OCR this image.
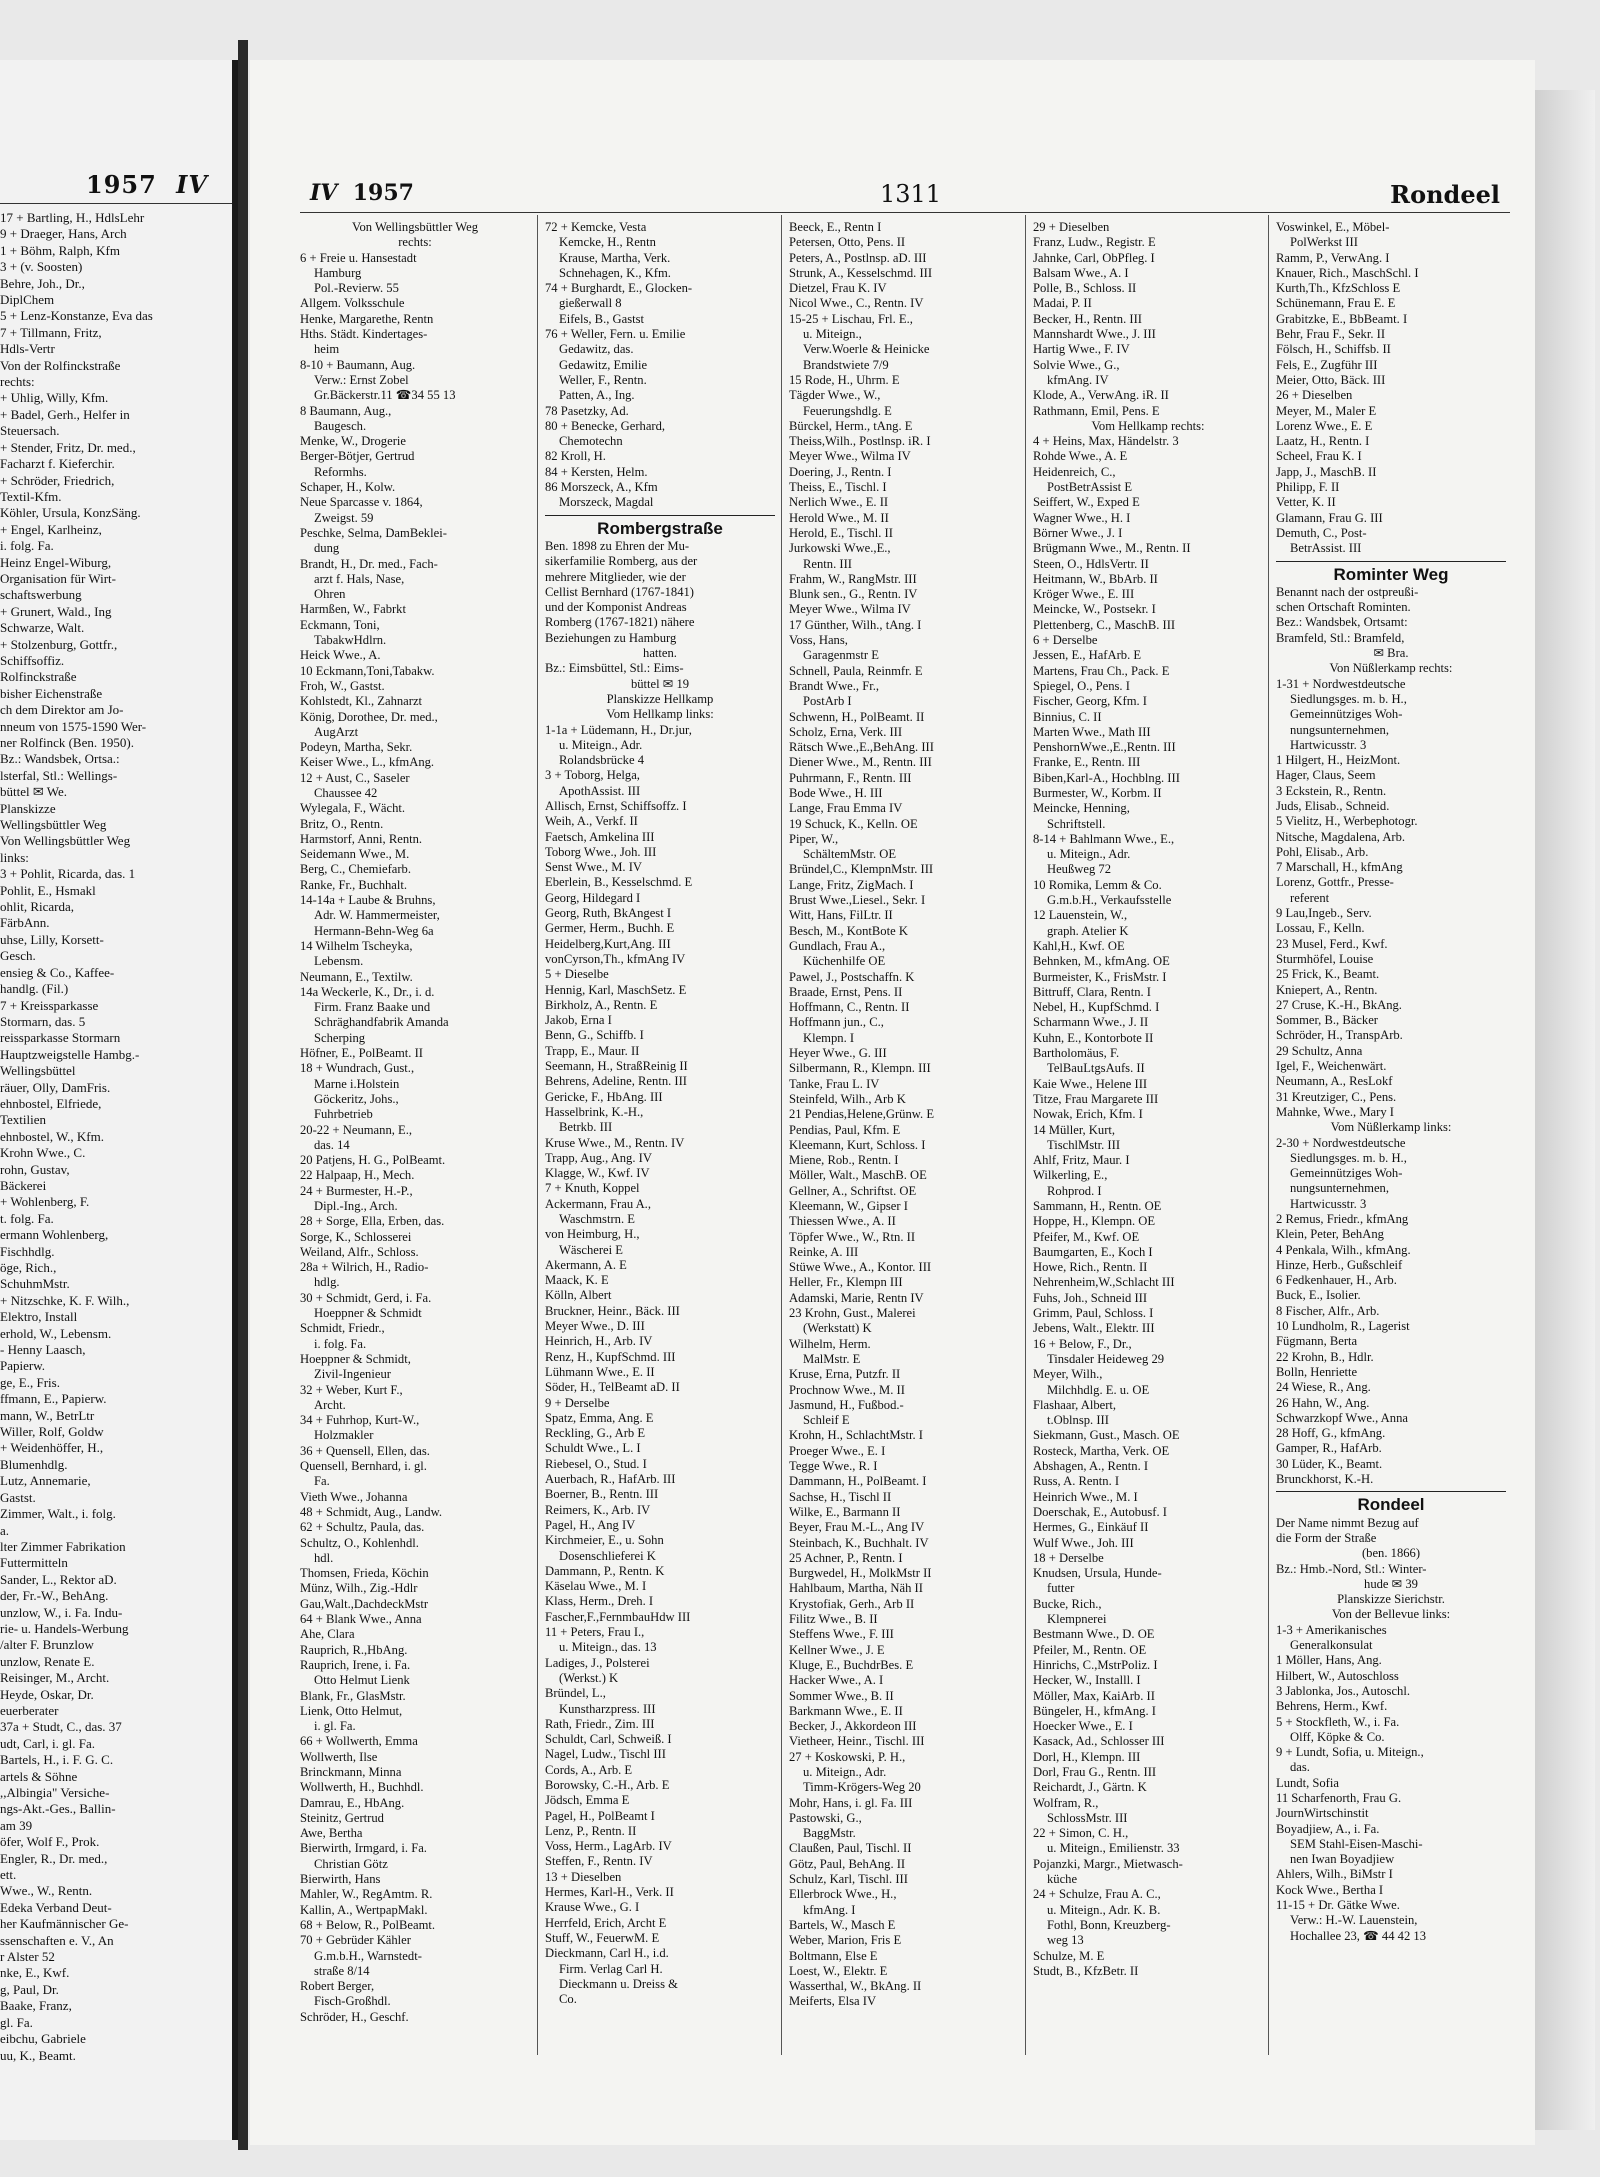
1957 IV
17 + Bartling, H., HdlsLehr
9 + Draeger, Hans, Arch
1 + Böhm, Ralph, Kfm
3 + (v. Soosten)
Behre, Joh., Dr.,
DiplChem
5 + Lenz-Konstanze, Eva das
7 + Tillmann, Fritz,
Hdls-Vertr
Von der Rolfinckstraße
rechts:
+ Uhlig, Willy, Kfm.
+ Badel, Gerh., Helfer in
Steuersach.
+ Stender, Fritz, Dr. med.,
Facharzt f. Kieferchir.
+ Schröder, Friedrich,
Textil-Kfm.
Köhler, Ursula, KonzSäng.
+ Engel, Karlheinz,
i. folg. Fa.
Heinz Engel-Wiburg,
Organisation für Wirt-
schaftswerbung
+ Grunert, Wald., Ing
Schwarze, Walt.
+ Stolzenburg, Gottfr.,
Schiffsoffiz.
Rolfinckstraße
bisher Eichenstraße
ch dem Direktor am Jo-
nneum von 1575-1590 Wer-
ner Rolfinck (Ben. 1950).
Bz.: Wandsbek, Ortsa.:
lsterfal, Stl.: Wellings-
büttel ✉ We.
Planskizze
Wellingsbüttler Weg
Von Wellingsbüttler Weg
links:
3 + Pohlit, Ricarda, das. 1
Pohlit, E., Hsmakl
ohlit, Ricarda,
FärbAnn.
uhse, Lilly, Korsett-
Gesch.
ensieg & Co., Kaffee-
handlg. (Fil.)
7 + Kreissparkasse
Stormarn, das. 5
reissparkasse Stormarn
Hauptzweigstelle Hambg.-
Wellingsbüttel
räuer, Olly, DamFris.
ehnbostel, Elfriede,
Textilien
ehnbostel, W., Kfm.
Krohn Wwe., C.
rohn, Gustav,
Bäckerei
+ Wohlenberg, F.
t. folg. Fa.
ermann Wohlenberg,
Fischhdlg.
öge, Rich.,
SchuhmMstr.
+ Nitzschke, K. F. Wilh.,
Elektro, Install
erhold, W., Lebensm.
- Henny Laasch,
Papierw.
ge, E., Fris.
ffmann, E., Papierw.
mann, W., BetrLtr
Willer, Rolf, Goldw
+ Weidenhöffer, H.,
Blumenhdlg.
Lutz, Annemarie,
Gastst.
Zimmer, Walt., i. folg.
a.
lter Zimmer Fabrikation
Futtermitteln
Sander, L., Rektor aD.
der, Fr.-W., BehAng.
unzlow, W., i. Fa. Indu-
rie- u. Handels-Werbung
/alter F. Brunzlow
unzlow, Renate E.
Reisinger, M., Archt.
Heyde, Oskar, Dr.
euerberater
37a + Studt, C., das. 37
udt, Carl, i. gl. Fa.
Bartels, H., i. F. G. C.
artels & Söhne
,,Albingia" Versiche-
ngs-Akt.-Ges., Ballin-
am 39
öfer, Wolf F., Prok.
Engler, R., Dr. med.,
ett.
Wwe., W., Rentn.
Edeka Verband Deut-
her Kaufmännischer Ge-
ssenschaften e. V., An
r Alster 52
nke, E., Kwf.
g, Paul, Dr.
Baake, Franz,
gl. Fa.
eibchu, Gabriele
uu, K., Beamt.
IV 1957	1311	Rondeel
Von Wellingsbüttler Weg
rechts:
6 + Freie u. Hansestadt
Hamburg
Pol.-Revierw. 55
Allgem. Volksschule
Henke, Margarethe, Rentn
Hths. Städt. Kindertages-
heim
8-10 + Baumann, Aug.
Verw.: Ernst Zobel
Gr.Bäckerstr.11 ☎34 55 13
8 Baumann, Aug.,
Baugesch.
Menke, W., Drogerie
Berger-Bötjer, Gertrud
Reformhs.
Schaper, H., Kolw.
Neue Sparcasse v. 1864,
Zweigst. 59
Peschke, Selma, DamBeklei-
dung
Brandt, H., Dr. med., Fach-
arzt f. Hals, Nase,
Ohren
Harmßen, W., Fabrkt
Eckmann, Toni,
TabakwHdlrn.
Heick Wwe., A.
10 Eckmann,Toni,Tabakw.
Froh, W., Gastst.
Kohlstedt, Kl., Zahnarzt
König, Dorothee, Dr. med.,
AugArzt
Podeyn, Martha, Sekr.
Keiser Wwe., L., kfmAng.
12 + Aust, C., Saseler
Chaussee 42
Wylegala, F., Wächt.
Britz, O., Rentn.
Harmstorf, Anni, Rentn.
Seidemann Wwe., M.
Berg, C., Chemiefarb.
Ranke, Fr., Buchhalt.
14-14a + Laube & Bruhns,
Adr. W. Hammermeister,
Hermann-Behn-Weg 6a
14 Wilhelm Tscheyka,
Lebensm.
Neumann, E., Textilw.
14a Weckerle, K., Dr., i. d.
Firm. Franz Baake und
Schräghandfabrik Amanda
Scherping
Höfner, E., PolBeamt. II
18 + Wundrach, Gust.,
Marne i.Holstein
Göckeritz, Johs.,
Fuhrbetrieb
20-22 + Neumann, E.,
das. 14
20 Patjens, H. G., PolBeamt.
22 Halpaap, H., Mech.
24 + Burmester, H.-P.,
Dipl.-Ing., Arch.
28 + Sorge, Ella, Erben, das.
Sorge, K., Schlosserei
Weiland, Alfr., Schloss.
28a + Wilrich, H., Radio-
hdlg.
30 + Schmidt, Gerd, i. Fa.
Hoeppner & Schmidt
Schmidt, Friedr.,
i. folg. Fa.
Hoeppner & Schmidt,
Zivil-Ingenieur
32 + Weber, Kurt F.,
Archt.
34 + Fuhrhop, Kurt-W.,
Holzmakler
36 + Quensell, Ellen, das.
Quensell, Bernhard, i. gl.
Fa.
Vieth Wwe., Johanna
48 + Schmidt, Aug., Landw.
62 + Schultz, Paula, das.
Schultz, O., Kohlenhdl.
hdl.
Thomsen, Frieda, Köchin
Münz, Wilh., Zig.-Hdlr
Gau,Walt.,DachdeckMstr
64 + Blank Wwe., Anna
Ahe, Clara
Rauprich, R.,HbAng.
Rauprich, Irene, i. Fa.
Otto Helmut Lienk
Blank, Fr., GlasMstr.
Lienk, Otto Helmut,
i. gl. Fa.
66 + Wollwerth, Emma
Wollwerth, Ilse
Brinckmann, Minna
Wollwerth, H., Buchhdl.
Damrau, E., HbAng.
Steinitz, Gertrud
Awe, Bertha
Bierwirth, Irmgard, i. Fa.
Christian Götz
Bierwirth, Hans
Mahler, W., RegAmtm. R.
Kallin, A., WertpapMakl.
68 + Below, R., PolBeamt.
70 + Gebrüder Kähler
G.m.b.H., Warnstedt-
straße 8/14
Robert Berger,
Fisch-Großhdl.
Schröder, H., Geschf.
72 + Kemcke, Vesta
Kemcke, H., Rentn
Krause, Martha, Verk.
Schnehagen, K., Kfm.
74 + Burghardt, E., Glocken-
gießerwall 8
Eifels, B., Gastst
76 + Weller, Fern. u. Emilie
Gedawitz, das.
Gedawitz, Emilie
Weller, F., Rentn.
Patten, A., Ing.
78 Pasetzky, Ad.
80 + Benecke, Gerhard,
Chemotechn
82 Kroll, H.
84 + Kersten, Helm.
86 Morszeck, A., Kfm
Morszeck, Magdal
Rombergstraße
Ben. 1898 zu Ehren der Mu-
sikerfamilie Romberg, aus der
mehrere Mitglieder, wie der
Cellist Bernhard (1767-1841)
und der Komponist Andreas
Romberg (1767-1821) nähere
Beziehungen zu Hamburg
hatten.
Bz.: Eimsbüttel, Stl.: Eims-
büttel ✉ 19
Planskizze Hellkamp
Vom Hellkamp links:
1-1a + Lüdemann, H., Dr.jur,
u. Miteign., Adr.
Rolandsbrücke 4
3 + Toborg, Helga,
ApothAssist. III
Allisch, Ernst, Schiffsoffz. I
Weih, A., Verkf. II
Faetsch, Amkelina III
Toborg Wwe., Joh. III
Senst Wwe., M. IV
Eberlein, B., Kesselschmd. E
Georg, Hildegard I
Georg, Ruth, BkAngest I
Germer, Herm., Buchh. E
Heidelberg,Kurt,Ang. III
vonCyrson,Th., kfmAng IV
5 + Dieselbe
Hennig, Karl, MaschSetz. E
Birkholz, A., Rentn. E
Jakob, Erna I
Benn, G., Schiffb. I
Trapp, E., Maur. II
Seemann, H., StraßReinig II
Behrens, Adeline, Rentn. III
Gericke, F., HbAng. III
Hasselbrink, K.-H.,
Betrkb. III
Kruse Wwe., M., Rentn. IV
Trapp, Aug., Ang. IV
Klagge, W., Kwf. IV
7 + Knuth, Koppel
Ackermann, Frau A.,
Waschmstrn. E
von Heimburg, H.,
Wäscherei E
Akermann, A. E
Maack, K. E
Kölln, Albert
Bruckner, Heinr., Bäck. III
Meyer Wwe., D. III
Heinrich, H., Arb. IV
Renz, H., KupfSchmd. III
Lühmann Wwe., E. II
Söder, H., TelBeamt aD. II
9 + Derselbe
Spatz, Emma, Ang. E
Reckling, G., Arb E
Schuldt Wwe., L. I
Riebesel, O., Stud. I
Auerbach, R., HafArb. III
Boerner, B., Rentn. III
Reimers, K., Arb. IV
Pagel, H., Ang IV
Kirchmeier, E., u. Sohn
Dosenschlieferei K
Dammann, P., Rentn. K
Käselau Wwe., M. I
Klass, Herm., Dreh. I
Fascher,F.,FernmbauHdw III
11 + Peters, Frau I.,
u. Miteign., das. 13
Ladiges, J., Polsterei
(Werkst.) K
Bründel, L.,
Kunstharzpress. III
Rath, Friedr., Zim. III
Schuldt, Carl, Schweiß. I
Nagel, Ludw., Tischl III
Cords, A., Arb. E
Borowsky, C.-H., Arb. E
Jödsch, Emma E
Pagel, H., PolBeamt I
Lenz, P., Rentn. II
Voss, Herm., LagArb. IV
Steffen, F., Rentn. IV
13 + Dieselben
Hermes, Karl-H., Verk. II
Krause Wwe., G. I
Herrfeld, Erich, Archt E
Stuff, W., FeuerwM. E
Dieckmann, Carl H., i.d.
Firm. Verlag Carl H.
Dieckmann u. Dreiss &
Co.
Beeck, E., Rentn I
Petersen, Otto, Pens. II
Peters, A., Postlnsp. aD. III
Strunk, A., Kesselschmd. III
Dietzel, Frau K. IV
Nicol Wwe., C., Rentn. IV
15-25 + Lischau, Frl. E.,
u. Miteign.,
Verw.Woerle & Heinicke
Brandstwiete 7/9
15 Rode, H., Uhrm. E
Tägder Wwe., W.,
Feuerungshdlg. E
Bürckel, Herm., tAng. E
Theiss,Wilh., Postlnsp. iR. I
Meyer Wwe., Wilma IV
Doering, J., Rentn. I
Theiss, E., Tischl. I
Nerlich Wwe., E. II
Herold Wwe., M. II
Herold, E., Tischl. II
Jurkowski Wwe.,E.,
Rentn. III
Frahm, W., RangMstr. III
Blunk sen., G., Rentn. IV
Meyer Wwe., Wilma IV
17 Günther, Wilh., tAng. I
Voss, Hans,
Garagenmstr E
Schnell, Paula, Reinmfr. E
Brandt Wwe., Fr.,
PostArb I
Schwenn, H., PolBeamt. II
Scholz, Erna, Verk. III
Rätsch Wwe.,E.,BehAng. III
Diener Wwe., M., Rentn. III
Puhrmann, F., Rentn. III
Bode Wwe., H. III
Lange, Frau Emma IV
19 Schuck, K., Kelln. OE
Piper, W.,
SchältemMstr. OE
Bründel,C., KlempnMstr. III
Lange, Fritz, ZigMach. I
Brust Wwe.,Liesel., Sekr. I
Witt, Hans, FilLtr. II
Besch, M., KontBote K
Gundlach, Frau A.,
Küchenhilfe OE
Pawel, J., Postschaffn. K
Braade, Ernst, Pens. II
Hoffmann, C., Rentn. II
Hoffmann jun., C.,
Klempn. I
Heyer Wwe., G. III
Silbermann, R., Klempn. III
Tanke, Frau L. IV
Steinfeld, Wilh., Arb K
21 Pendias,Helene,Grünw. E
Pendias, Paul, Kfm. E
Kleemann, Kurt, Schloss. I
Miene, Rob., Rentn. I
Möller, Walt., MaschB. OE
Gellner, A., Schriftst. OE
Kleemann, W., Gipser I
Thiessen Wwe., A. II
Töpfer Wwe., W., Rtn. II
Reinke, A. III
Stüwe Wwe., A., Kontor. III
Heller, Fr., Klempn III
Adamski, Marie, Rentn IV
23 Krohn, Gust., Malerei
(Werkstatt) K
Wilhelm, Herm.
MalMstr. E
Kruse, Erna, Putzfr. II
Prochnow Wwe., M. II
Jasmund, H., Fußbod.-
Schleif E
Krohn, H., SchlachtMstr. I
Proeger Wwe., E. I
Tegge Wwe., R. I
Dammann, H., PolBeamt. I
Sachse, H., Tischl II
Wilke, E., Barmann II
Beyer, Frau M.-L., Ang IV
Steinbach, K., Buchhalt. IV
25 Achner, P., Rentn. I
Burgwedel, H., MolkMstr II
Hahlbaum, Martha, Näh II
Krystofiak, Gerh., Arb II
Filitz Wwe., B. II
Steffens Wwe., F. III
Kellner Wwe., J. E
Kluge, E., BuchdrBes. E
Hacker Wwe., A. I
Sommer Wwe., B. II
Barkmann Wwe., E. II
Becker, J., Akkordeon III
Vietheer, Heinr., Tischl. III
27 + Koskowski, P. H.,
u. Miteign., Adr.
Timm-Krögers-Weg 20
Mohr, Hans, i. gl. Fa. III
Pastowski, G.,
BaggMstr.
Claußen, Paul, Tischl. II
Götz, Paul, BehAng. II
Schulz, Karl, Tischl. III
Ellerbrock Wwe., H.,
kfmAng. I
Bartels, W., Masch E
Weber, Marion, Fris E
Boltmann, Else E
Loest, W., Elektr. E
Wasserthal, W., BkAng. II
Meiferts, Elsa IV
29 + Dieselben
Franz, Ludw., Registr. E
Jahnke, Carl, ObPfleg. I
Balsam Wwe., A. I
Polle, B., Schloss. II
Madai, P. II
Becker, H., Rentn. III
Mannshardt Wwe., J. III
Hartig Wwe., F. IV
Solvie Wwe., G.,
kfmAng. IV
Klode, A., VerwAng. iR. II
Rathmann, Emil, Pens. E
Vom Hellkamp rechts:
4 + Heins, Max, Händelstr. 3
Rohde Wwe., A. E
Heidenreich, C.,
PostBetrAssist E
Seiffert, W., Exped E
Wagner Wwe., H. I
Börner Wwe., J. I
Brügmann Wwe., M., Rentn. II
Steen, O., HdlsVertr. II
Heitmann, W., BbArb. II
Kröger Wwe., E. III
Meincke, W., Postsekr. I
Plettenberg, C., MaschB. III
6 + Derselbe
Jessen, E., HafArb. E
Martens, Frau Ch., Pack. E
Spiegel, O., Pens. I
Fischer, Georg, Kfm. I
Binnius, C. II
Marten Wwe., Math III
PenshornWwe.,E.,Rentn. III
Franke, E., Rentn. III
Biben,Karl-A., Hochblng. III
Burmester, W., Korbm. II
Meincke, Henning,
Schriftstell.
8-14 + Bahlmann Wwe., E.,
u. Miteign., Adr.
Heußweg 72
10 Romika, Lemm & Co.
G.m.b.H., Verkaufsstelle
12 Lauenstein, W.,
graph. Atelier K
Kahl,H., Kwf. OE
Behnken, M., kfmAng. OE
Burmeister, K., FrisMstr. I
Bittruff, Clara, Rentn. I
Nebel, H., KupfSchmd. I
Scharmann Wwe., J. II
Kuhn, E., Kontorbote II
Bartholomäus, F.
TelBauLtgsAufs. II
Kaie Wwe., Helene III
Titze, Frau Margarete III
Nowak, Erich, Kfm. I
14 Müller, Kurt,
TischlMstr. III
Ahlf, Fritz, Maur. I
Wilkerling, E.,
Rohprod. I
Sammann, H., Rentn. OE
Hoppe, H., Klempn. OE
Pfeifer, M., Kwf. OE
Baumgarten, E., Koch I
Howe, Rich., Rentn. II
Nehrenheim,W.,Schlacht III
Fuhs, Joh., Schneid III
Grimm, Paul, Schloss. I
Jebens, Walt., Elektr. III
16 + Below, F., Dr.,
Tinsdaler Heideweg 29
Meyer, Wilh.,
Milchhdlg. E. u. OE
Flashaar, Albert,
t.Oblnsp. III
Siekmann, Gust., Masch. OE
Rosteck, Martha, Verk. OE
Abshagen, A., Rentn. I
Russ, A. Rentn. I
Heinrich Wwe., M. I
Doerschak, E., Autobusf. I
Hermes, G., Einkäuf II
Wulf Wwe., Joh. III
18 + Derselbe
Knudsen, Ursula, Hunde-
futter
Bucke, Rich.,
Klempnerei
Bestmann Wwe., D. OE
Pfeiler, M., Rentn. OE
Hinrichs, C.,MstrPoliz. I
Hecker, W., Installl. I
Möller, Max, KaiArb. II
Büngeler, H., kfmAng. I
Hoecker Wwe., E. I
Kasack, Ad., Schlosser III
Dorl, H., Klempn. III
Dorl, Frau G., Rentn. III
Reichardt, J., Gärtn. K
Wolfram, R.,
SchlossMstr. III
22 + Simon, C. H.,
u. Miteign., Emilienstr. 33
Pojanzki, Margr., Mietwasch-
küche
24 + Schulze, Frau A. C.,
u. Miteign., Adr. K. B.
Fothl, Bonn, Kreuzberg-
weg 13
Schulze, M. E
Studt, B., KfzBetr. II
Voswinkel, E., Möbel-
PolWerkst III
Ramm, P., VerwAng. I
Knauer, Rich., MaschSchl. I
Kurth,Th., KfzSchloss E
Schünemann, Frau E. E
Grabitzke, E., BbBeamt. I
Behr, Frau F., Sekr. II
Fölsch, H., Schiffsb. II
Fels, E., Zugführ III
Meier, Otto, Bäck. III
26 + Dieselben
Meyer, M., Maler E
Lorenz Wwe., E. E
Laatz, H., Rentn. I
Scheel, Frau K. I
Japp, J., MaschB. II
Philipp, F. II
Vetter, K. II
Glamann, Frau G. III
Demuth, C., Post-
BetrAssist. III
Rominter Weg
Benannt nach der ostpreußi-
schen Ortschaft Rominten.
Bez.: Wandsbek, Ortsamt:
Bramfeld, Stl.: Bramfeld,
✉ Bra.
Von Nüßlerkamp rechts:
1-31 + Nordwestdeutsche
Siedlungsges. m. b. H.,
Gemeinnütziges Woh-
nungsunternehmen,
Hartwicusstr. 3
1 Hilgert, H., HeizMont.
Hager, Claus, Seem
3 Eckstein, R., Rentn.
Juds, Elisab., Schneid.
5 Vielitz, H., Werbephotogr.
Nitsche, Magdalena, Arb.
Pohl, Elisab., Arb.
7 Marschall, H., kfmAng
Lorenz, Gottfr., Presse-
referent
9 Lau,Ingeb., Serv.
Lossau, F., Kelln.
23 Musel, Ferd., Kwf.
Sturmhöfel, Louise
25 Frick, K., Beamt.
Kniepert, A., Rentn.
27 Cruse, K.-H., BkAng.
Sommer, B., Bäcker
Schröder, H., TranspArb.
29 Schultz, Anna
Igel, F., Weichenwärt.
Neumann, A., ResLokf
31 Kreutziger, C., Pens.
Mahnke, Wwe., Mary I
Vom Nüßlerkamp links:
2-30 + Nordwestdeutsche
Siedlungsges. m. b. H.,
Gemeinnütziges Woh-
nungsunternehmen,
Hartwicusstr. 3
2 Remus, Friedr., kfmAng
Klein, Peter, BehAng
4 Penkala, Wilh., kfmAng.
Hinze, Herb., Gußschleif
6 Fedkenhauer, H., Arb.
Buck, E., Isolier.
8 Fischer, Alfr., Arb.
10 Lundholm, R., Lagerist
Fügmann, Berta
22 Krohn, B., Hdlr.
Bolln, Henriette
24 Wiese, R., Ang.
26 Hahn, W., Ang.
Schwarzkopf Wwe., Anna
28 Hoff, G., kfmAng.
Gamper, R., HafArb.
30 Lüder, K., Beamt.
Brunckhorst, K.-H.
Rondeel
Der Name nimmt Bezug auf
die Form der Straße
(ben. 1866)
Bz.: Hmb.-Nord, Stl.: Winter-
hude ✉ 39
Planskizze Sierichstr.
Von der Bellevue links:
1-3 + Amerikanisches
Generalkonsulat
1 Möller, Hans, Ang.
Hilbert, W., Autoschloss
3 Jablonka, Jos., Autoschl.
Behrens, Herm., Kwf.
5 + Stockfleth, W., i. Fa.
Olff, Köpke & Co.
9 + Lundt, Sofia, u. Miteign.,
das.
Lundt, Sofia
11 Scharfenorth, Frau G.
JournWirtschinstit
Boyadjiew, A., i. Fa.
SEM Stahl-Eisen-Maschi-
nen Iwan Boyadjiew
Ahlers, Wilh., BiMstr I
Kock Wwe., Bertha I
11-15 + Dr. Gätke Wwe.
Verw.: H.-W. Lauenstein,
Hochallee 23, ☎ 44 42 13
